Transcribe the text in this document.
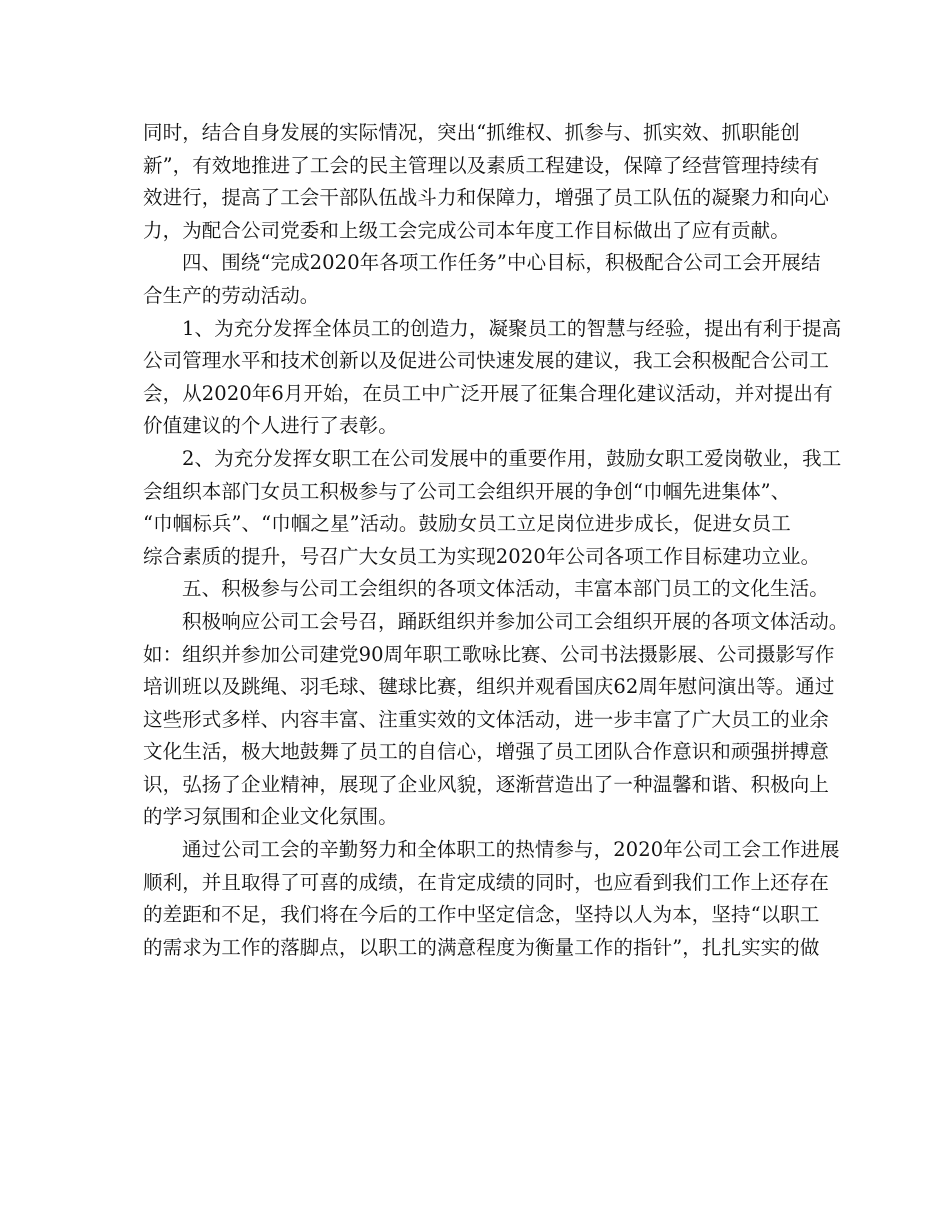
同时，结合自身发展的实际情况，突出“抓维权、抓参与、抓实效、抓职能创
新”，有效地推进了工会的民主管理以及素质工程建设，保障了经营管理持续有
效进行，提高了工会干部队伍战斗力和保障力，增强了员工队伍的凝聚力和向心
力，为配合公司党委和上级工会完成公司本年度工作目标做出了应有贡献。
四、围绕“完成2020年各项工作任务”中心目标，积极配合公司工会开展结
合生产的劳动活动。
1、为充分发挥全体员工的创造力，凝聚员工的智慧与经验，提出有利于提高
公司管理水平和技术创新以及促进公司快速发展的建议，我工会积极配合公司工
会，从2020年6月开始，在员工中广泛开展了征集合理化建议活动，并对提出有
价值建议的个人进行了表彰。
2、为充分发挥女职工在公司发展中的重要作用，鼓励女职工爱岗敬业，我工
会组织本部门女员工积极参与了公司工会组织开展的争创“巾帼先进集体”、
“巾帼标兵”、“巾帼之星”活动。鼓励女员工立足岗位进步成长，促进女员工
综合素质的提升，号召广大女员工为实现2020年公司各项工作目标建功立业。
五、积极参与公司工会组织的各项文体活动，丰富本部门员工的文化生活。
积极响应公司工会号召，踊跃组织并参加公司工会组织开展的各项文体活动。
如：组织并参加公司建党90周年职工歌咏比赛、公司书法摄影展、公司摄影写作
培训班以及跳绳、羽毛球、毽球比赛，组织并观看国庆62周年慰问演出等。通过
这些形式多样、内容丰富、注重实效的文体活动，进一步丰富了广大员工的业余
文化生活，极大地鼓舞了员工的自信心，增强了员工团队合作意识和顽强拼搏意
识，弘扬了企业精神，展现了企业风貌，逐渐营造出了一种温馨和谐、积极向上
的学习氛围和企业文化氛围。
通过公司工会的辛勤努力和全体职工的热情参与，2020年公司工会工作进展
顺利，并且取得了可喜的成绩，在肯定成绩的同时，也应看到我们工作上还存在
的差距和不足，我们将在今后的工作中坚定信念，坚持以人为本，坚持“以职工
的需求为工作的落脚点，以职工的满意程度为衡量工作的指针”，扎扎实实的做
